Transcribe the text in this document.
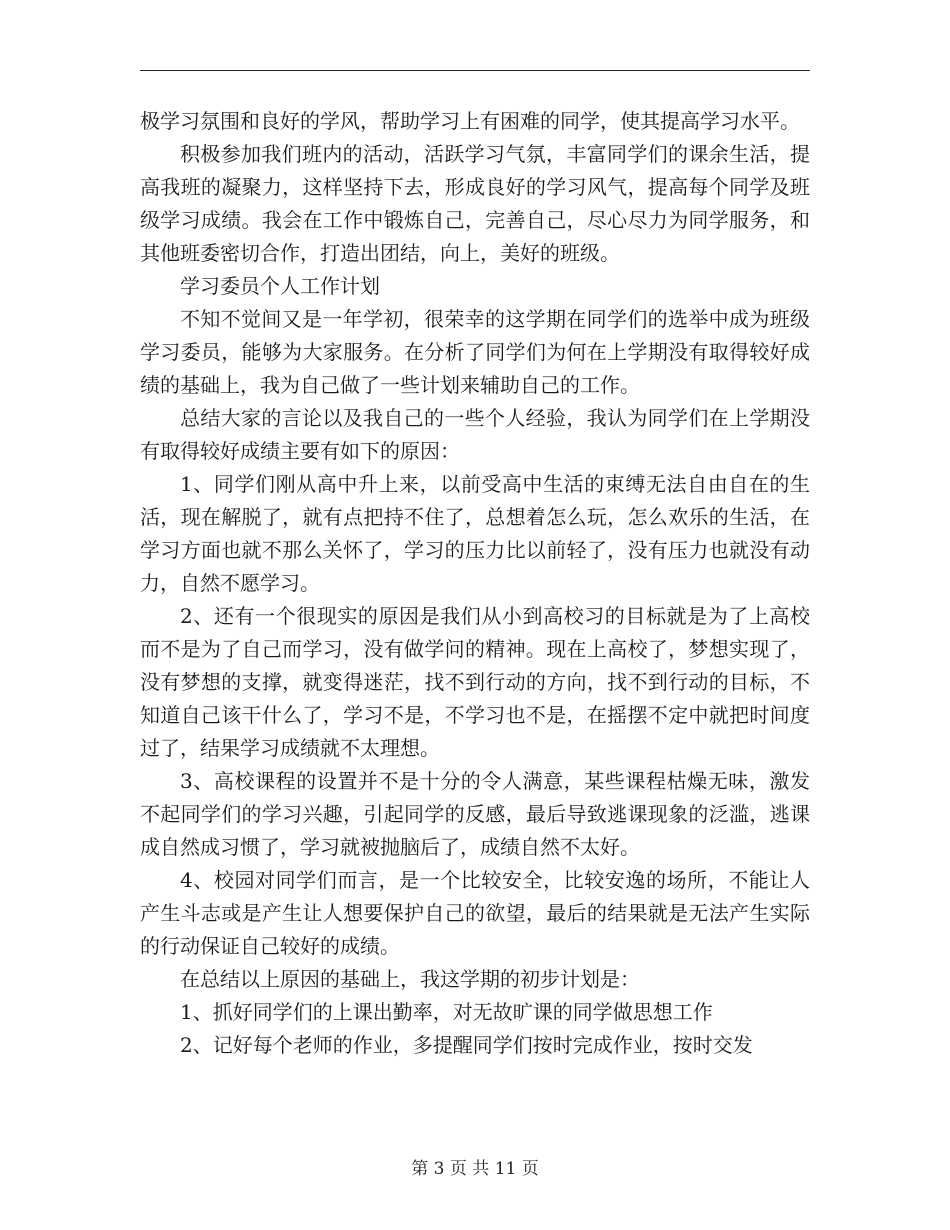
极学习氛围和良好的学风，帮助学习上有困难的同学，使其提高学习水平。

积极参加我们班内的活动，活跃学习气氛，丰富同学们的课余生活，提高我班的凝聚力，这样坚持下去，形成良好的学习风气，提高每个同学及班级学习成绩。我会在工作中锻炼自己，完善自己，尽心尽力为同学服务，和其他班委密切合作，打造出团结，向上，美好的班级。

学习委员个人工作计划

不知不觉间又是一年学初，很荣幸的这学期在同学们的选举中成为班级学习委员，能够为大家服务。在分析了同学们为何在上学期没有取得较好成绩的基础上，我为自己做了一些计划来辅助自己的工作。

总结大家的言论以及我自己的一些个人经验，我认为同学们在上学期没有取得较好成绩主要有如下的原因：

1、同学们刚从高中升上来，以前受高中生活的束缚无法自由自在的生活，现在解脱了，就有点把持不住了，总想着怎么玩，怎么欢乐的生活，在学习方面也就不那么关怀了，学习的压力比以前轻了，没有压力也就没有动力，自然不愿学习。

2、还有一个很现实的原因是我们从小到高校习的目标就是为了上高校而不是为了自己而学习，没有做学问的精神。现在上高校了，梦想实现了，没有梦想的支撑，就变得迷茫，找不到行动的方向，找不到行动的目标，不知道自己该干什么了，学习不是，不学习也不是，在摇摆不定中就把时间度过了，结果学习成绩就不太理想。

3、高校课程的设置并不是十分的令人满意，某些课程枯燥无味，激发不起同学们的学习兴趣，引起同学的反感，最后导致逃课现象的泛滥，逃课成自然成习惯了，学习就被抛脑后了，成绩自然不太好。

4、校园对同学们而言，是一个比较安全，比较安逸的场所，不能让人产生斗志或是产生让人想要保护自己的欲望，最后的结果就是无法产生实际的行动保证自己较好的成绩。

在总结以上原因的基础上，我这学期的初步计划是：

1、抓好同学们的上课出勤率，对无故旷课的同学做思想工作

2、记好每个老师的作业，多提醒同学们按时完成作业，按时交发

第 3 页 共 11 页
